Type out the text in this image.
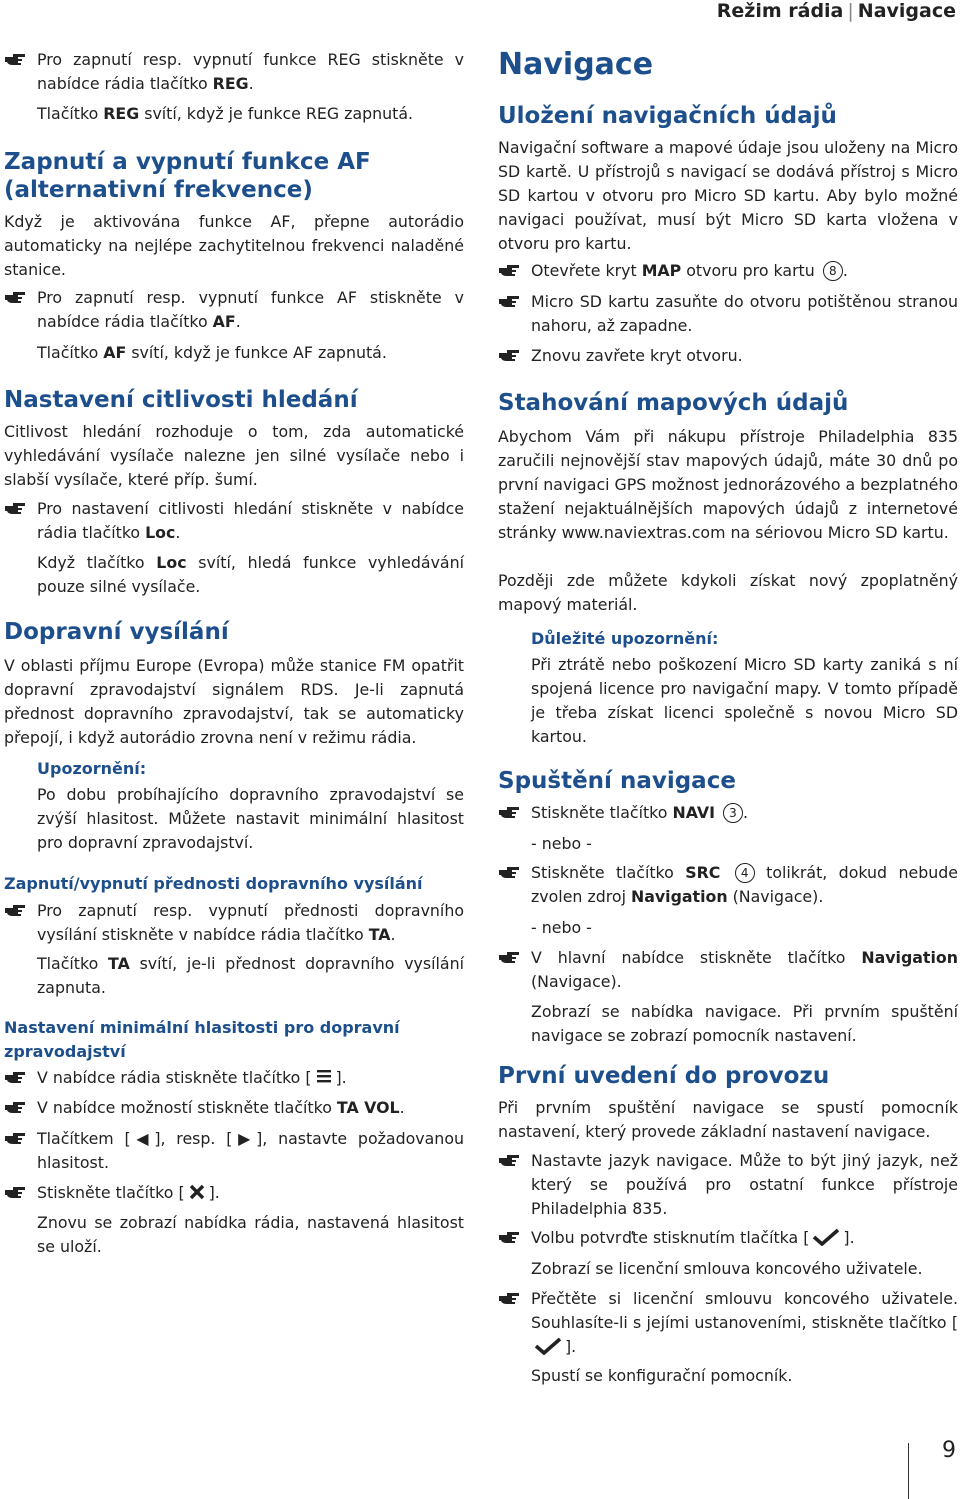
Režim rádia | Navigace
Pro zapnutí resp. vypnutí funkce REG stiskněte v nabídce rádia tlačítko REG.
Tlačítko REG svítí, když je funkce REG zapnutá.
Zapnutí a vypnutí funkce AF (alternativní frekvence)
Když je aktivována funkce AF, přepne autorádio automaticky na nejlépe zachytitelnou frekvenci naladěné stanice.
Pro zapnutí resp. vypnutí funkce AF stiskněte v nabídce rádia tlačítko AF.
Tlačítko AF svítí, když je funkce AF zapnutá.
Nastavení citlivosti hledání
Citlivost hledání rozhoduje o tom, zda automatické vyhledávání vysílače nalezne jen silné vysílače nebo i slabší vysílače, které příp. šumí.
Pro nastavení citlivosti hledání stiskněte v nabídce rádia tlačítko Loc.
Když tlačítko Loc svítí, hledá funkce vyhledávání pouze silné vysílače.
Dopravní vysílání
V oblasti příjmu Europe (Evropa) může stanice FM opatřit dopravní zpravodajství signálem RDS. Je-li zapnutá přednost dopravního zpravodajství, tak se automaticky přepojí, i když autorádio zrovna není v režimu rádia.
Upozornění:
Po dobu probíhajícího dopravního zpravodajství se zvýší hlasitost. Můžete nastavit minimální hlasitost pro dopravní zpravodajství.
Zapnutí/vypnutí přednosti dopravního vysílání
Pro zapnutí resp. vypnutí přednosti dopravního vysílání stiskněte v nabídce rádia tlačítko TA.
Tlačítko TA svítí, je-li přednost dopravního vysílání zapnuta.
Nastavení minimální hlasitosti pro dopravní zpravodajství
V nabídce rádia stiskněte tlačítko [ ].
V nabídce možností stiskněte tlačítko TA VOL.
Tlačítkem [◀], resp. [▶], nastavte požadovanou hlasitost.
Stiskněte tlačítko [ ].
Znovu se zobrazí nabídka rádia, nastavená hlasitost se uloží.
Navigace
Uložení navigačních údajů
Navigační software a mapové údaje jsou uloženy na Micro SD kartě. U přístrojů s navigací se dodává přístroj s Micro SD kartou v otvoru pro Micro SD kartu. Aby bylo možné navigaci používat, musí být Micro SD karta vložena v otvoru pro kartu.
Otevřete kryt MAP otvoru pro kartu 8 .
Micro SD kartu zasuňte do otvoru potištěnou stranou nahoru, až zapadne.
Znovu zavřete kryt otvoru.
Stahování mapových údajů
Abychom Vám při nákupu přístroje Philadelphia 835 zaručili nejnovější stav mapových údajů, máte 30 dnů po první navigaci GPS možnost jednorázového a bezplatného stažení nejaktuálnějších mapových údajů z internetové stránky www.naviextras.com na sériovou Micro SD kartu.
Později zde můžete kdykoli získat nový zpoplatněný mapový materiál.
Důležité upozornění:
Při ztrátě nebo poškození Micro SD karty zaniká s ní spojená licence pro navigační mapy. V tomto případě je třeba získat licenci společně s novou Micro SD kartou.
Spuštění navigace
Stiskněte tlačítko NAVI 3 .
- nebo -
Stiskněte tlačítko SRC 4 tolikrát, dokud nebude zvolen zdroj Navigation (Navigace).
- nebo -
V hlavní nabídce stiskněte tlačítko Navigation (Navigace).
Zobrazí se nabídka navigace. Při prvním spuštění navigace se zobrazí pomocník nastavení.
První uvedení do provozu
Při prvním spuštění navigace se spustí pomocník nastavení, který provede základní nastavení navigace.
Nastavte jazyk navigace. Může to být jiný jazyk, než který se používá pro ostatní funkce přístroje Philadelphia 835.
Volbu potvrďte stisknutím tlačítka [ ].
Zobrazí se licenční smlouva koncového uživatele.
Přečtěte si licenční smlouvu koncového uživatele. Souhlasíte-li s jejími ustanoveními, stiskněte tlačítko [].
Spustí se konfigurační pomocník.
9
